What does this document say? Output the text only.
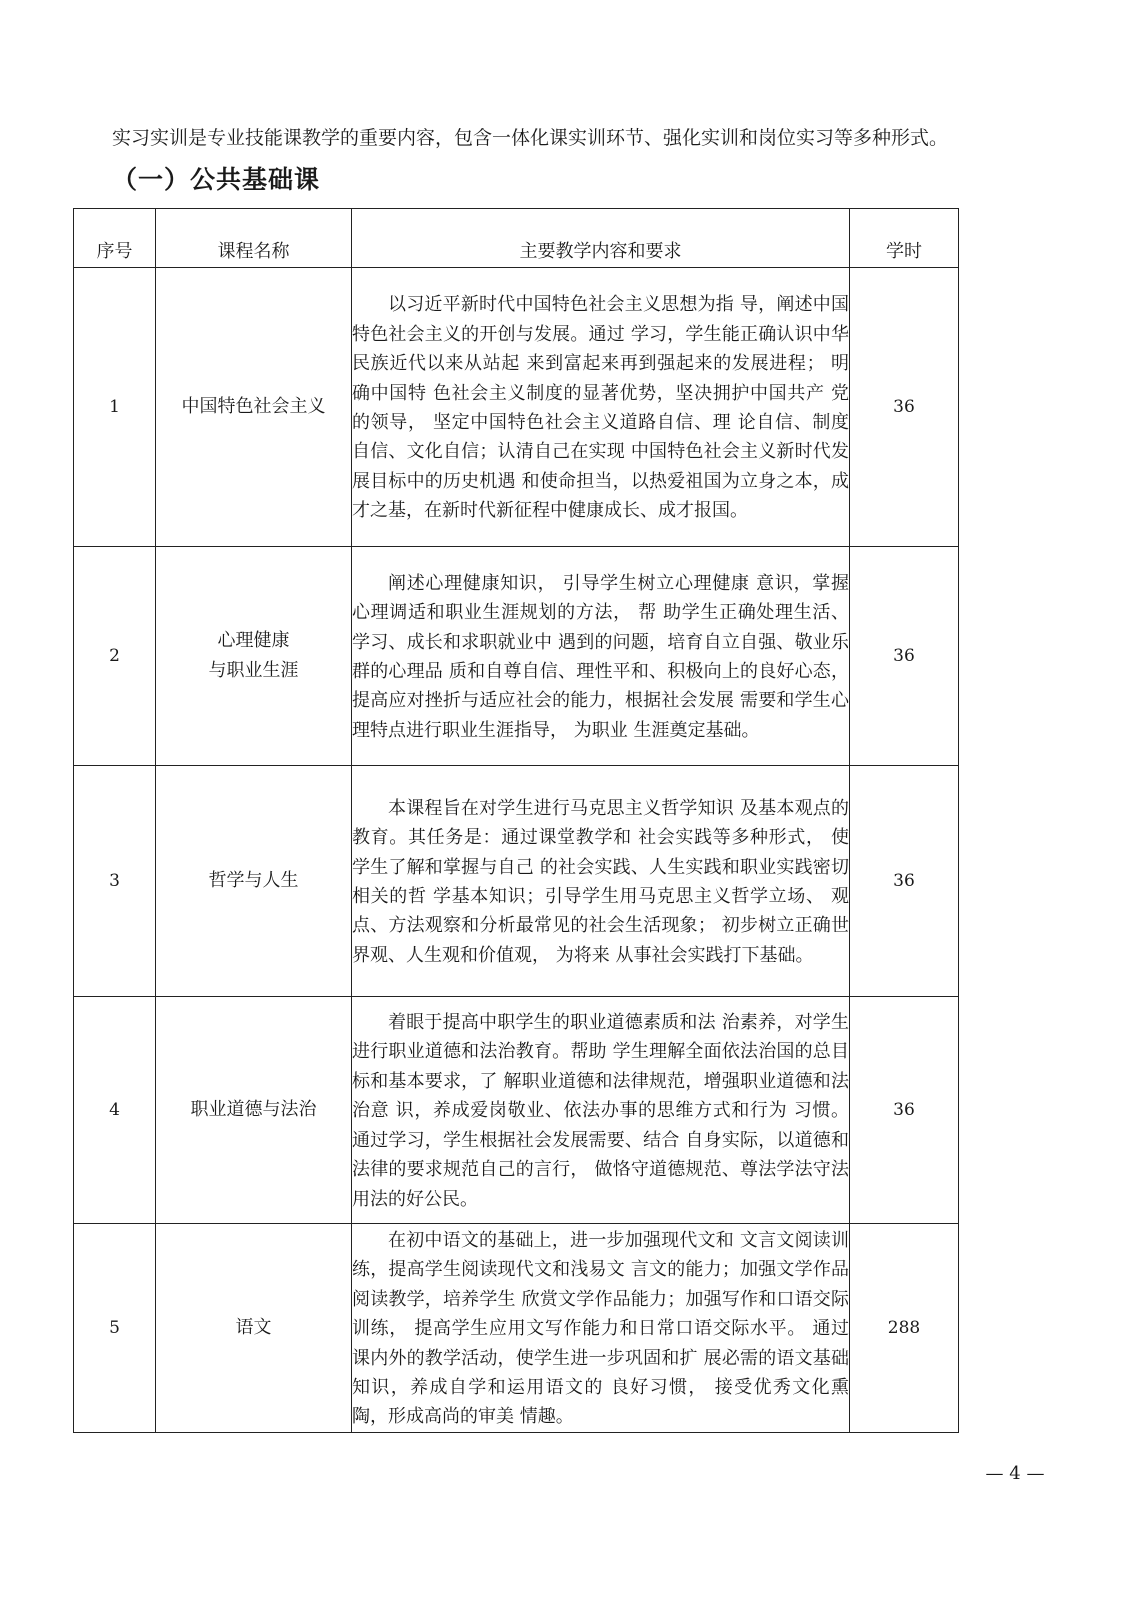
实习实训是专业技能课教学的重要内容，包含一体化课实训环节、强化实训和岗位实习等多种形式。
（一）公共基础课
序号	课程名称	主要教学内容和要求	学时
1	中国特色社会主义	以习近平新时代中国特色社会主义思想为指 导，阐述中国特色社会主义的开创与发展。通过 学习，学生能正确认识中华民族近代以来从站起 来到富起来再到强起来的发展进程； 明确中国特 色社会主义制度的显著优势，坚决拥护中国共产 党的领导， 坚定中国特色社会主义道路自信、理 论自信、制度自信、文化自信；认清自己在实现 中国特色社会主义新时代发展目标中的历史机遇 和使命担当，以热爱祖国为立身之本，成才之基，在新时代新征程中健康成长、成才报国。	36
2	心理健康
与职业生涯	阐述心理健康知识， 引导学生树立心理健康 意识，掌握心理调适和职业生涯规划的方法， 帮 助学生正确处理生活、学习、成长和求职就业中 遇到的问题，培育自立自强、敬业乐群的心理品 质和自尊自信、理性平和、积极向上的良好心态， 提高应对挫折与适应社会的能力，根据社会发展 需要和学生心理特点进行职业生涯指导， 为职业 生涯奠定基础。	36
3	哲学与人生	本课程旨在对学生进行马克思主义哲学知识 及基本观点的教育。其任务是：通过课堂教学和 社会实践等多种形式， 使学生了解和掌握与自己 的社会实践、人生实践和职业实践密切相关的哲 学基本知识；引导学生用马克思主义哲学立场、 观点、方法观察和分析最常见的社会生活现象； 初步树立正确世界观、人生观和价值观， 为将来 从事社会实践打下基础。	36
4	职业道德与法治	着眼于提高中职学生的职业道德素质和法 治素养，对学生进行职业道德和法治教育。帮助 学生理解全面依法治国的总目标和基本要求，了 解职业道德和法律规范，增强职业道德和法治意 识，养成爱岗敬业、依法办事的思维方式和行为 习惯。通过学习，学生根据社会发展需要、结合 自身实际，以道德和法律的要求规范自己的言行， 做恪守道德规范、尊法学法守法用法的好公民。	36
5	语文	在初中语文的基础上，进一步加强现代文和 文言文阅读训练，提高学生阅读现代文和浅易文 言文的能力；加强文学作品阅读教学，培养学生 欣赏文学作品能力；加强写作和口语交际训练， 提高学生应用文写作能力和日常口语交际水平。 通过课内外的教学活动，使学生进一步巩固和扩 展必需的语文基础知识，养成自学和运用语文的 良好习惯， 接受优秀文化熏陶，形成高尚的审美 情趣。	288
— 4 —
